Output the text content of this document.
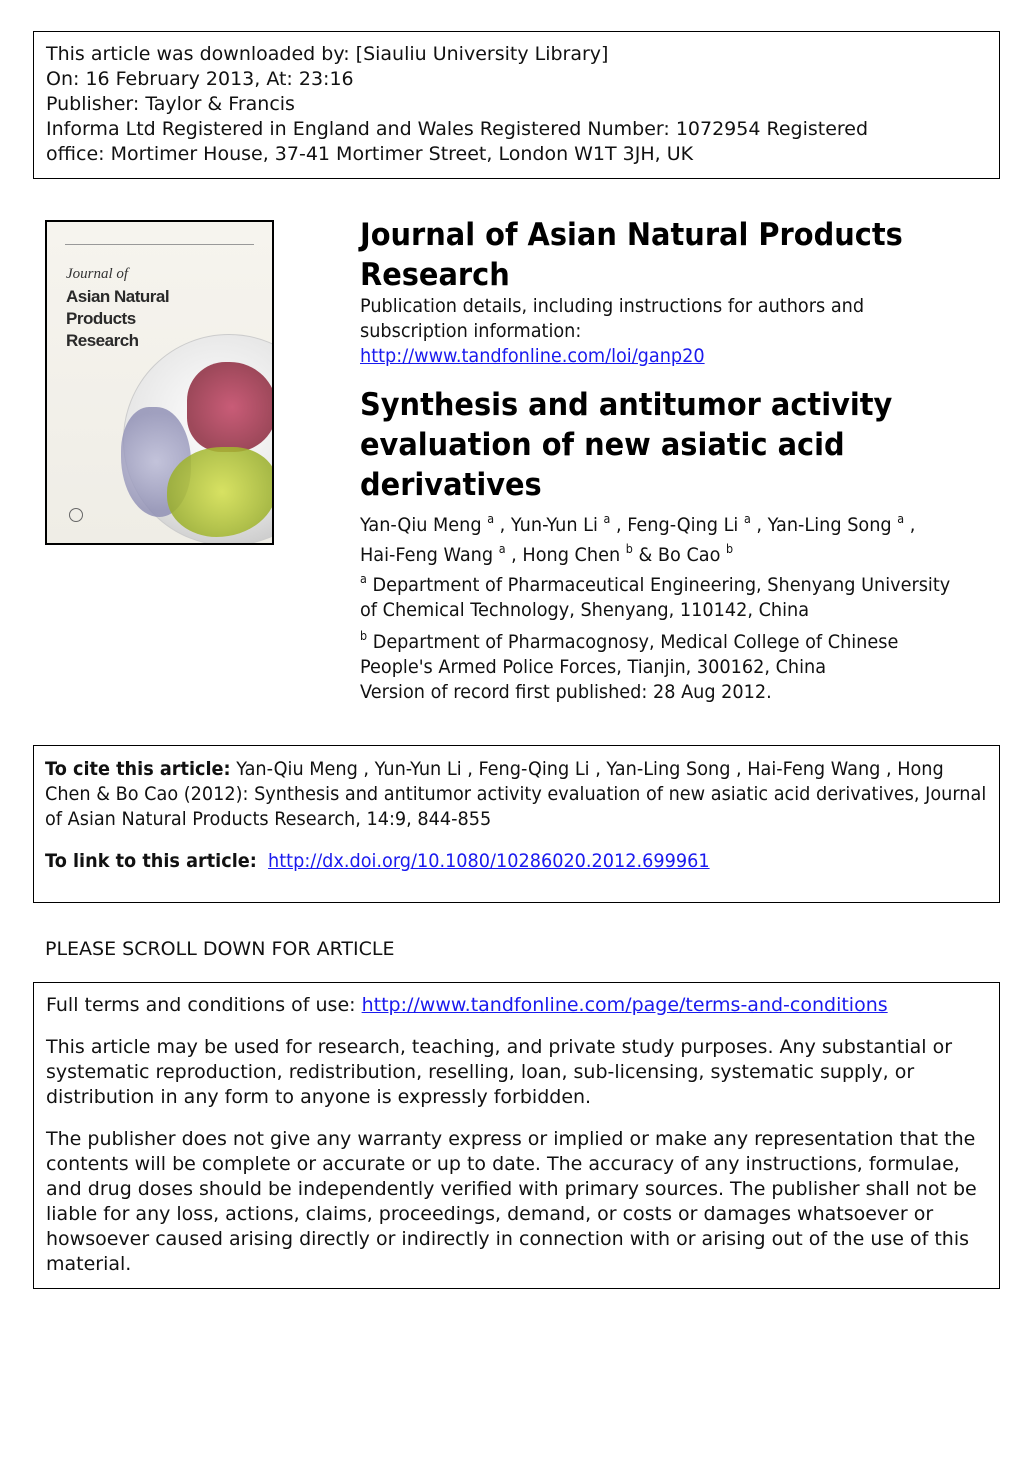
This article was downloaded by: [Siauliu University Library]
On: 16 February 2013, At: 23:16
Publisher: Taylor & Francis
Informa Ltd Registered in England and Wales Registered Number: 1072954 Registered
office: Mortimer House, 37-41 Mortimer Street, London W1T 3JH, UK
Journal of
Asian Natural
Products
Research
Journal of Asian Natural Products
Research
Publication details, including instructions for authors and
subscription information:
http://www.tandfonline.com/loi/ganp20
Synthesis and antitumor activity
evaluation of new asiatic acid
derivatives
Yan-Qiu Meng $^a$ , Yun-Yun Li $^a$ , Feng-Qing Li $^a$ , Yan-Ling Song $^a$ ,
Hai-Feng Wang $^a$ , Hong Chen $^b$ & Bo Cao $^b$
$^a$ Department of Pharmaceutical Engineering, Shenyang University
of Chemical Technology, Shenyang, 110142, China
$^b$ Department of Pharmacognosy, Medical College of Chinese
People's Armed Police Forces, Tianjin, 300162, China
Version of record first published: 28 Aug 2012.
To cite this article: Yan-Qiu Meng , Yun-Yun Li , Feng-Qing Li , Yan-Ling Song , Hai-Feng Wang , Hong Chen & Bo Cao (2012): Synthesis and antitumor activity evaluation of new asiatic acid derivatives, Journal of Asian Natural Products Research, 14:9, 844-855
To link to this article: http://dx.doi.org/10.1080/10286020.2012.699961
PLEASE SCROLL DOWN FOR ARTICLE

Full terms and conditions of use: http://www.tandfonline.com/page/terms-and-conditions

This article may be used for research, teaching, and private study purposes. Any substantial or systematic reproduction, redistribution, reselling, loan, sub-licensing, systematic supply, or distribution in any form to anyone is expressly forbidden.

The publisher does not give any warranty express or implied or make any representation that the contents will be complete or accurate or up to date. The accuracy of any instructions, formulae, and drug doses should be independently verified with primary sources. The publisher shall not be liable for any loss, actions, claims, proceedings, demand, or costs or damages whatsoever or howsoever caused arising directly or indirectly in connection with or arising out of the use of this material.
